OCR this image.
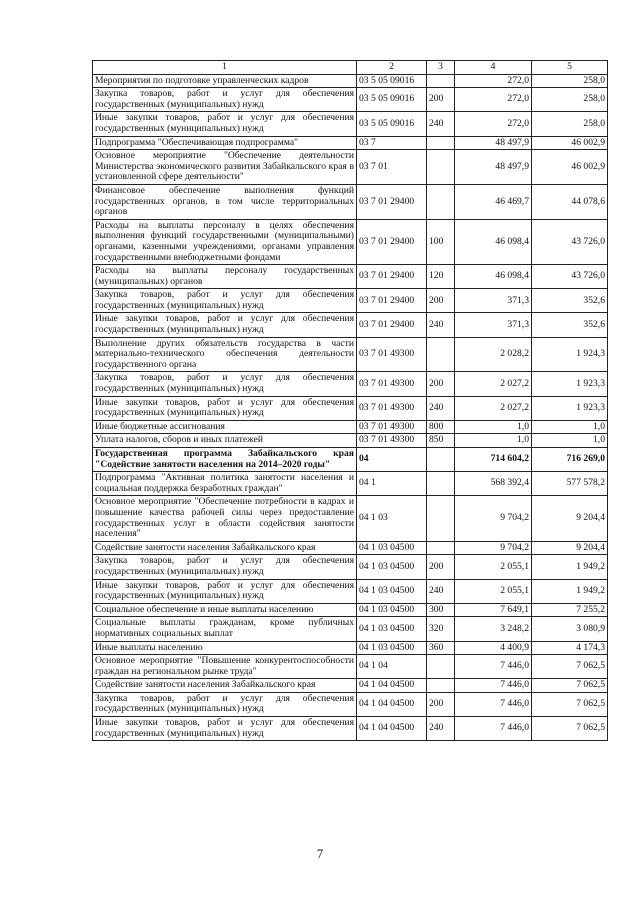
1	2	3	4	5
Мероприятия по подготовке управленческих кадров	03 5 05 09016		272,0	258,0
Закупка товаров, работ и услуг для обеспечения государственных (муниципальных) нужд	03 5 05 09016	200	272,0	258,0
Иные закупки товаров, работ и услуг для обеспечения государственных (муниципальных) нужд	03 5 05 09016	240	272,0	258,0
Подпрограмма "Обеспечивающая подпрограмма"	03 7		48 497,9	46 002,9
Основное мероприятие "Обеспечение деятельности Министерства экономического развития Забайкальского края в установленной сфере деятельности"	03 7 01		48 497,9	46 002,9
Финансовое обеспечение выполнения функций государственных органов, в том числе территориальных органов	03 7 01 29400		46 469,7	44 078,6
Расходы на выплаты персоналу в целях обеспечения выполнения функций государственными (муниципальными) органами, казенными учреждениями, органами управления государственными внебюджетными фондами	03 7 01 29400	100	46 098,4	43 726,0
Расходы на выплаты персоналу государственных (муниципальных) органов	03 7 01 29400	120	46 098,4	43 726,0
Закупка товаров, работ и услуг для обеспечения государственных (муниципальных) нужд	03 7 01 29400	200	371,3	352,6
Иные закупки товаров, работ и услуг для обеспечения государственных (муниципальных) нужд	03 7 01 29400	240	371,3	352,6
Выполнение других обязательств государства в части материально-технического обеспечения деятельности государственного органа	03 7 01 49300		2 028,2	1 924,3
Закупка товаров, работ и услуг для обеспечения государственных (муниципальных) нужд	03 7 01 49300	200	2 027,2	1 923,3
Иные закупки товаров, работ и услуг для обеспечения государственных (муниципальных) нужд	03 7 01 49300	240	2 027,2	1 923,3
Иные бюджетные ассигнования	03 7 01 49300	800	1,0	1,0
Уплата налогов, сборов и иных платежей	03 7 01 49300	850	1,0	1,0
Государственная программа Забайкальского края "Содействие занятости населения на 2014–2020 годы"	04		714 604,2	716 269,0
Подпрограмма "Активная политика занятости населения и социальная поддержка безработных граждан"	04 1		568 392,4	577 578,2
Основное мероприятие "Обеспечение потребности в кадрах и повышение качества рабочей силы через предоставление государственных услуг в области содействия занятости населения"	04 1 03		9 704,2	9 204,4
Содействие занятости населения Забайкальского края	04 1 03 04500		9 704,2	9 204,4
Закупка товаров, работ и услуг для обеспечения государственных (муниципальных) нужд	04 1 03 04500	200	2 055,1	1 949,2
Иные закупки товаров, работ и услуг для обеспечения государственных (муниципальных) нужд	04 1 03 04500	240	2 055,1	1 949,2
Социальное обеспечение и иные выплаты населению	04 1 03 04500	300	7 649,1	7 255,2
Социальные выплаты гражданам, кроме публичных нормативных социальных выплат	04 1 03 04500	320	3 248,2	3 080,9
Иные выплаты населению	04 1 03 04500	360	4 400,9	4 174,3
Основное мероприятие "Повышение конкурентоспособности граждан на региональном рынке труда"	04 1 04		7 446,0	7 062,5
Содействие занятости населения Забайкальского края	04 1 04 04500		7 446,0	7 062,5
Закупка товаров, работ и услуг для обеспечения государственных (муниципальных) нужд	04 1 04 04500	200	7 446,0	7 062,5
Иные закупки товаров, работ и услуг для обеспечения государственных (муниципальных) нужд	04 1 04 04500	240	7 446,0	7 062,5
7
